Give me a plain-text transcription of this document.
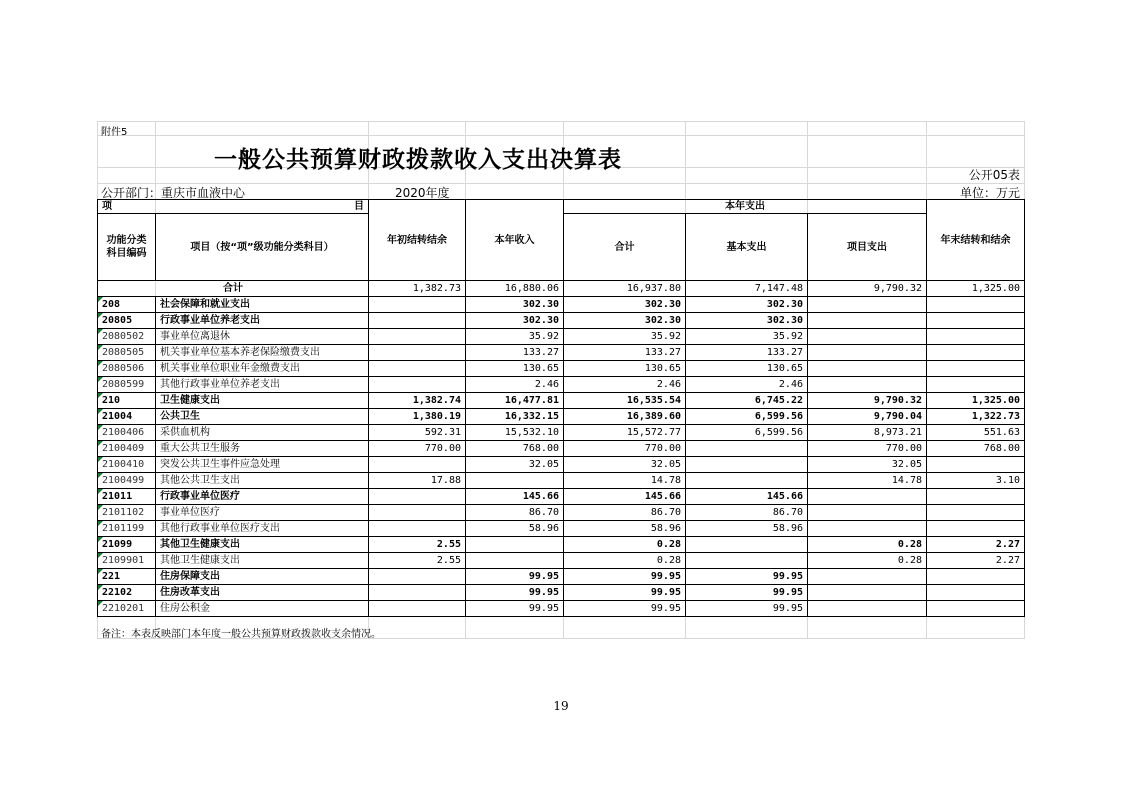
附件5
一般公共预算财政拨款收入支出决算表
公开05表
公开部门：重庆市血液中心	2020年度	单位：万元
项 目		年初结转结余	本年收入	本年支出			年末结转和结余
功能分类科目编码	项目（按“项”级功能分类科目）			合计	基本支出	项目支出	

合计		1,382.73	16,880.06	16,937.80	7,147.48	9,790.32	1,325.00

208	社会保障和就业支出		302.30	302.30	302.30		

20805	行政事业单位养老支出		302.30	302.30	302.30		

2080502	事业单位离退休		35.92	35.92	35.92		

2080505	机关事业单位基本养老保险缴费支出		133.27	133.27	133.27		

2080506	机关事业单位职业年金缴费支出		130.65	130.65	130.65		

2080599	其他行政事业单位养老支出		2.46	2.46	2.46		

210	卫生健康支出	1,382.74	16,477.81	16,535.54	6,745.22	9,790.32	1,325.00

21004	公共卫生	1,380.19	16,332.15	16,389.60	6,599.56	9,790.04	1,322.73

2100406	采供血机构	592.31	15,532.10	15,572.77	6,599.56	8,973.21	551.63

2100409	重大公共卫生服务	770.00	768.00	770.00		770.00	768.00

2100410	突发公共卫生事件应急处理		32.05	32.05		32.05	

2100499	其他公共卫生支出	17.88		14.78		14.78	3.10

21011	行政事业单位医疗		145.66	145.66	145.66		

2101102	事业单位医疗		86.70	86.70	86.70		

2101199	其他行政事业单位医疗支出		58.96	58.96	58.96		

21099	其他卫生健康支出	2.55		0.28		0.28	2.27

2109901	其他卫生健康支出	2.55		0.28		0.28	2.27

221	住房保障支出		99.95	99.95	99.95		

22102	住房改革支出		99.95	99.95	99.95		

2210201	住房公积金		99.95	99.95	99.95		
备注：本表反映部门本年度一般公共预算财政拨款收支余情况。
19
